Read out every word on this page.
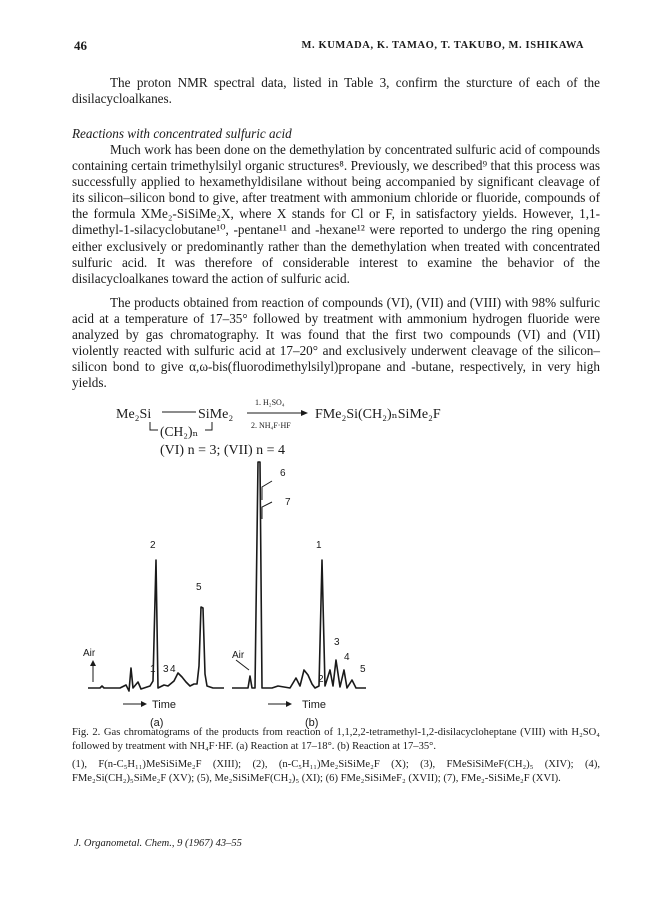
46	M. KUMADA, K. TAMAO, T. TAKUBO, M. ISHIKAWA

The proton NMR spectral data, listed in Table 3, confirm the sturcture of each of the disilacycloalkanes.

Reactions with concentrated sulfuric acid

Much work has been done on the demethylation by concentrated sulfuric acid of compounds containing certain trimethylsilyl organic structures⁸. Previously, we described⁹ that this process was successfully applied to hexamethyldisilane without being accompanied by significant cleavage of its silicon–silicon bond to give, after treatment with ammonium chloride or fluoride, compounds of the formula XMe₂-SiSiMe₂X, where X stands for Cl or F, in satisfactory yields. However, 1,1-dimethyl-1-silacyclobutane¹⁰, -pentane¹¹ and -hexane¹² were reported to undergo the ring opening either exclusively or predominantly rather than the demethylation when treated with concentrated sulfuric acid. It was therefore of considerable interest to examine the behavior of the disilacycloalkanes toward the action of sulfuric acid.

The products obtained from reaction of compounds (VI), (VII) and (VIII) with 98% sulfuric acid at a temperature of 17–35° followed by treatment with ammonium hydrogen fluoride were analyzed by gas chromatography. It was found that the first two compounds (VI) and (VII) violently reacted with sulfuric acid at 17–20° and exclusively underwent cleavage of the silicon–silicon bond to give α,ω-bis(fluorodimethylsilyl)propane and -butane, respectively, in very high yields.

Me₂Si	SiMe₂
(CH₂)ₙ
1. H₂SO₄
2. NH₄F·HF
FMe₂Si(CH₂)ₙSiMe₂F
(VI) n = 3; (VII) n = 4
Air
2
5
1 3 4
Time
(a)
Air
6
7
1
3
4
5
2
Time
(b)

Fig. 2. Gas chromatograms of the products from reaction of 1,1,2,2-tetramethyl-1,2-disilacycloheptane (VIII) with H₂SO₄ followed by treatment with NH₄F·HF. (a) Reaction at 17–18°. (b) Reaction at 17–35°.

(1), F(n-C₅H₁₁)MeSiSiMe₂F (XIII); (2), (n-C₅H₁₁)Me₂SiSiMe₂F (X); (3), FMeSiSiMeF(CH₂)₅ (XIV); (4), FMe₂Si(CH₂)₅SiMe₂F (XV); (5), Me₂SiSiMeF(CH₂)₅ (XI); (6) FMe₂SiSiMeF₂ (XVII); (7), FMe₂-SiSiMe₂F (XVI).

J. Organometal. Chem., 9 (1967) 43–55
